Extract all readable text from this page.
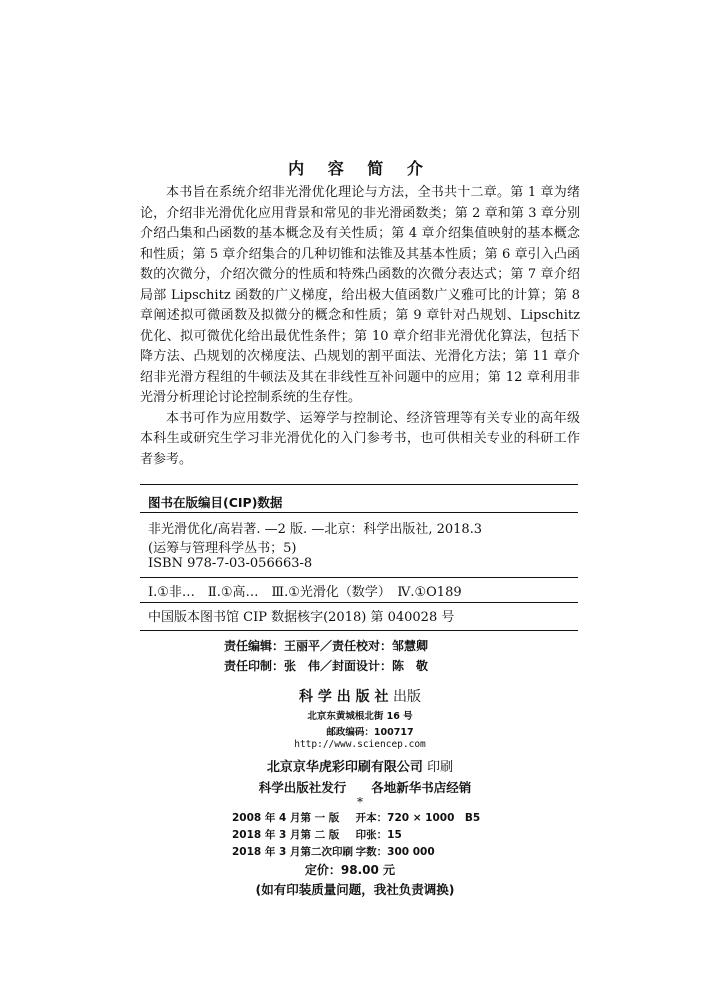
内 容 简 介

本书旨在系统介绍非光滑优化理论与方法，全书共十二章。第 1 章为绪论，介绍非光滑优化应用背景和常见的非光滑函数类；第 2 章和第 3 章分别介绍凸集和凸函数的基本概念及有关性质；第 4 章介绍集值映射的基本概念和性质；第 5 章介绍集合的几种切锥和法锥及其基本性质；第 6 章引入凸函数的次微分，介绍次微分的性质和特殊凸函数的次微分表达式；第 7 章介绍局部 Lipschitz 函数的广义梯度，给出极大值函数广义雅可比的计算；第 8 章阐述拟可微函数及拟微分的概念和性质；第 9 章针对凸规划、Lipschitz 优化、拟可微优化给出最优性条件；第 10 章介绍非光滑优化算法，包括下降方法、凸规划的次梯度法、凸规划的割平面法、光滑化方法；第 11 章介绍非光滑方程组的牛顿法及其在非线性互补问题中的应用；第 12 章利用非光滑分析理论讨论控制系统的生存性。

本书可作为应用数学、运筹学与控制论、经济管理等有关专业的高年级本科生或研究生学习非光滑优化的入门参考书，也可供相关专业的科研工作者参考。

图书在版编目(CIP)数据
非光滑优化/高岩著. —2 版. —北京：科学出版社, 2018.3
(运筹与管理科学丛书；5)
ISBN 978-7-03-056663-8
Ⅰ.①非…　Ⅱ.①高…　Ⅲ.①光滑化（数学）　Ⅳ.①O189
中国版本图书馆 CIP 数据核字(2018) 第 040028 号
责任编辑：王丽平／责任校对：邹慧卿
责任印制：张　伟／封面设计：陈　敬
科 学 出 版 社 出版
北京东黄城根北街 16 号
邮政编码：100717
http://www.sciencep.com
北京京华虎彩印刷有限公司 印刷
科学出版社发行　　各地新华书店经销
*
2008 年 4 月第 一 版 开本：720 × 1000　B5
2018 年 3 月第 二 版 印张：15
2018 年 3 月第二次印刷 字数：300 000
定价：98.00 元
(如有印装质量问题，我社负责调换)
